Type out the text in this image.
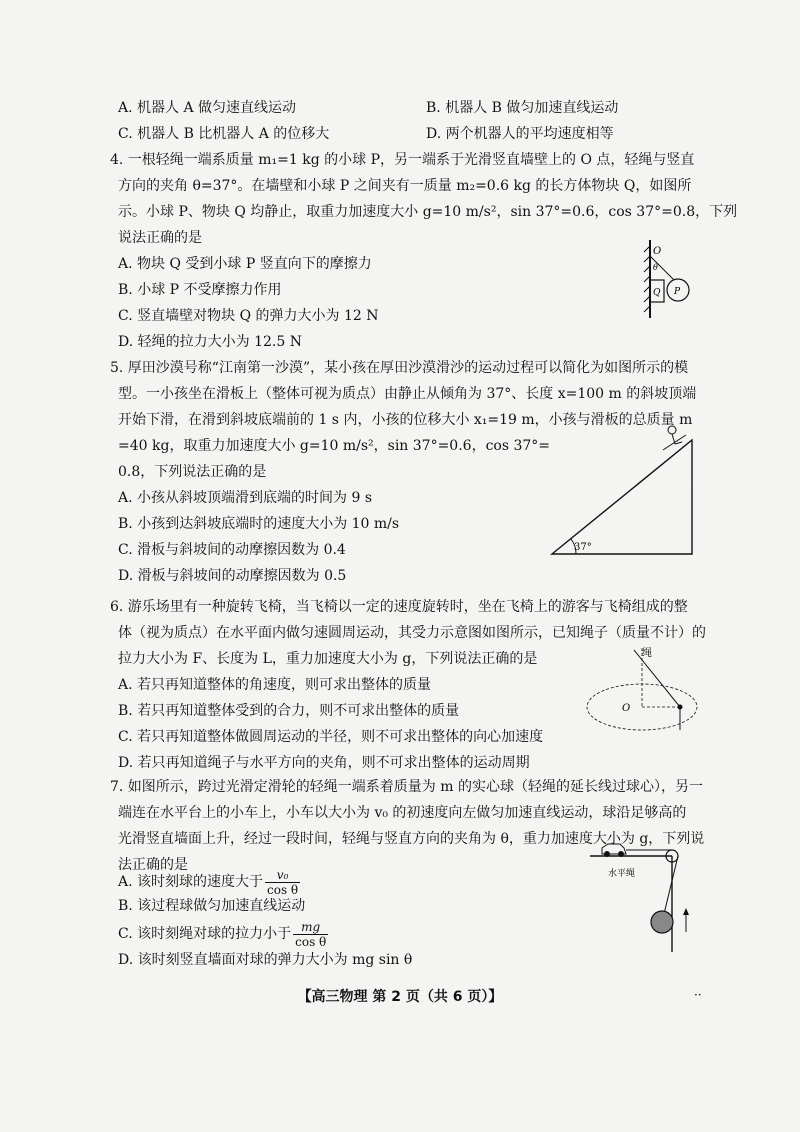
A. 机器人 A 做匀速直线运动	B. 机器人 B 做匀加速直线运动
C. 机器人 B 比机器人 A 的位移大	D. 两个机器人的平均速度相等
4. 一根轻绳一端系质量 m₁=1 kg 的小球 P，另一端系于光滑竖直墙壁上的 O 点，轻绳与竖直
方向的夹角 θ=37°。在墙壁和小球 P 之间夹有一质量 m₂=0.6 kg 的长方体物块 Q，如图所
示。小球 P、物块 Q 均静止，取重力加速度大小 g=10 m/s²，sin 37°=0.6，cos 37°=0.8，下列
说法正确的是
A. 物块 Q 受到小球 P 竖直向下的摩擦力
B. 小球 P 不受摩擦力作用
C. 竖直墙壁对物块 Q 的弹力大小为 12 N
D. 轻绳的拉力大小为 12.5 N
O
θ
Q P
5. 厚田沙漠号称“江南第一沙漠”，某小孩在厚田沙漠滑沙的运动过程可以简化为如图所示的模
型。一小孩坐在滑板上（整体可视为质点）由静止从倾角为 37°、长度 x=100 m 的斜坡顶端
开始下滑，在滑到斜坡底端前的 1 s 内，小孩的位移大小 x₁=19 m，小孩与滑板的总质量 m
=40 kg，取重力加速度大小 g=10 m/s²，sin 37°=0.6，cos 37°=
0.8，下列说法正确的是
A. 小孩从斜坡顶端滑到底端的时间为 9 s
B. 小孩到达斜坡底端时的速度大小为 10 m/s
C. 滑板与斜坡间的动摩擦因数为 0.4
D. 滑板与斜坡间的动摩擦因数为 0.5
37°
6. 游乐场里有一种旋转飞椅，当飞椅以一定的速度旋转时，坐在飞椅上的游客与飞椅组成的整
体（视为质点）在水平面内做匀速圆周运动，其受力示意图如图所示，已知绳子（质量不计）的
拉力大小为 F、长度为 L，重力加速度大小为 g，下列说法正确的是
A. 若只再知道整体的角速度，则可求出整体的质量
B. 若只再知道整体受到的合力，则不可求出整体的质量
C. 若只再知道整体做圆周运动的半径，则不可求出整体的向心加速度
D. 若只再知道绳子与水平方向的夹角，则不可求出整体的运动周期
绳
O
7. 如图所示，跨过光滑定滑轮的轻绳一端系着质量为 m 的实心球（轻绳的延长线过球心），另一
端连在水平台上的小车上，小车以大小为 v₀ 的初速度向左做匀加速直线运动，球沿足够高的
光滑竖直墙面上升，经过一段时间，轻绳与竖直方向的夹角为 θ，重力加速度大小为 g，下列说
法正确的是
A. 该时刻球的速度大于 $\frac{\text{v₀}}{\text{cos θ}}$
B. 该过程球做匀加速直线运动
C. 该时刻绳对球的拉力小于 $\frac{mg}{\text{cos θ}}$
D. 该时刻竖直墙面对球的弹力大小为 mg sin θ
水平绳
【高三物理 第 2 页（共 6 页）】	··
